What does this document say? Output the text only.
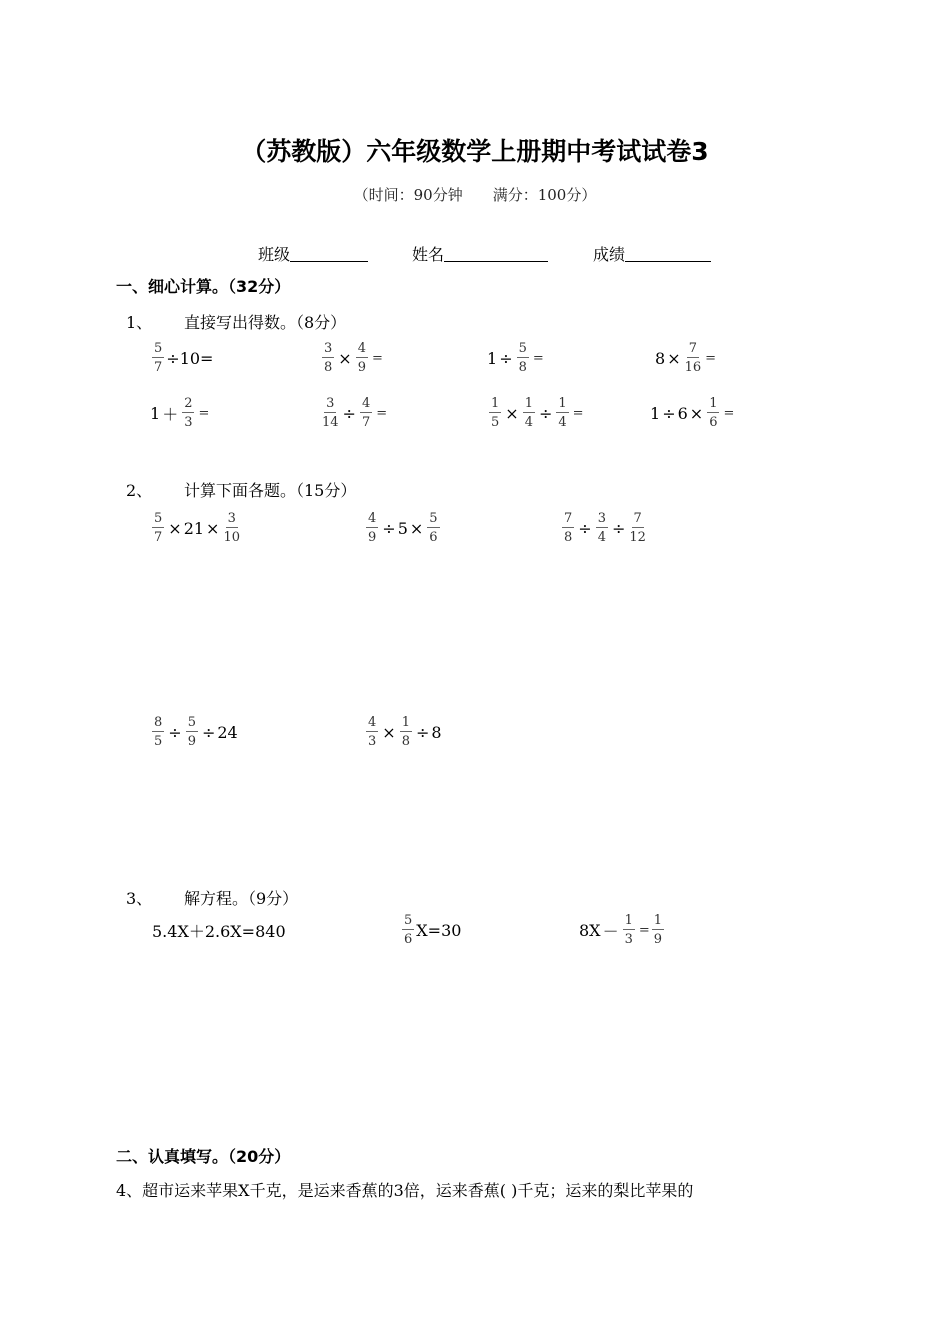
（苏教版）六年级数学上册期中考试试卷3
（时间：90分钟 满分：100分）
班级	姓名	成绩
一、细心计算。（32分）
1、 直接写出得数。（8分）
$\frac{5}{7} \div 10=$	$\frac{3}{8} \times \frac{4}{9}$ =	$1 \div \frac{5}{8}$ =	$8 \times \frac{7}{16}$ =
$1 + \frac{2}{3}$ =	$\frac{3}{14} \div \frac{4}{7}$ =	$\frac{1}{5} \times \frac{1}{4} \div \frac{1}{4}$ =	$1 \div 6 \times \frac{1}{6}$ =
2、 计算下面各题。（15分）
$\frac{5}{7} \times 21 \times \frac{3}{10}$	$\frac{4}{9} \div 5 \times \frac{5}{6}$	$\frac{7}{8} \div \frac{3}{4} \div \frac{7}{12}$
$\frac{8}{5} \div \frac{5}{9} \div 24$	$\frac{4}{3} \times \frac{1}{8} \div 8$
3、 解方程。（9分）
5.4X＋2.6X=840	$\frac{5}{6} X=30$	$8X - \frac{1}{3} = \frac{1}{9}$
二、认真填写。（20分）
4、超市运来苹果X千克，是运来香蕉的3倍，运来香蕉( )千克；运来的梨比苹果的
